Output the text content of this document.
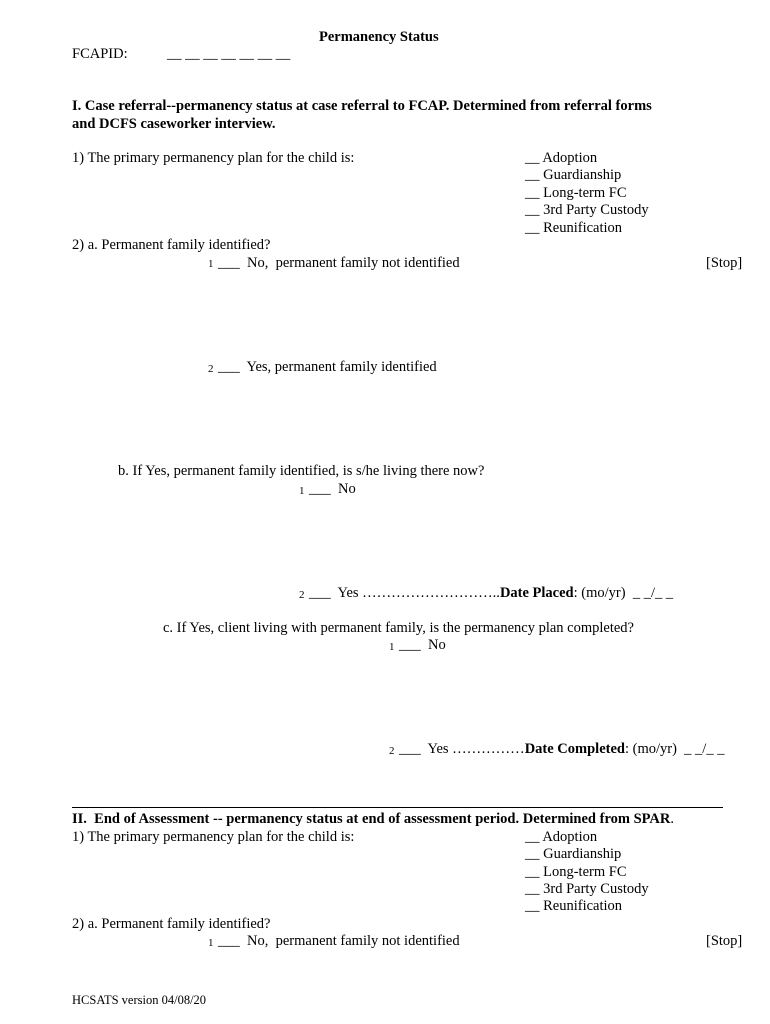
Permanency Status
FCAPID:	__ __ __ __ __ __ __
I. Case referral--permanency status at case referral to FCAP. Determined from referral forms
and DCFS caseworker interview.
1) The primary permanency plan for the child is:	__ Adoption
__ Guardianship
__ Long-term FC
__ 3rd Party Custody
__ Reunification
2) a. Permanent family identified?
1 ___  No,  permanent family not identified	[Stop]
2 ___  Yes, permanent family identified
b. If Yes, permanent family identified, is s/he living there now?
1 ___  No
2 ___  Yes ………………………..Date Placed: (mo/yr)  _ _/_ _
c. If Yes, client living with permanent family, is the permanency plan completed?
1 ___  No
2 ___  Yes ……………Date Completed: (mo/yr)  _ _/_ _
II.  End of Assessment -- permanency status at end of assessment period. Determined from SPAR.
1) The primary permanency plan for the child is:	__ Adoption
__ Guardianship
__ Long-term FC
__ 3rd Party Custody
__ Reunification
2) a. Permanent family identified?
1 ___  No,  permanent family not identified	[Stop]
HCSATS version 04/08/20
